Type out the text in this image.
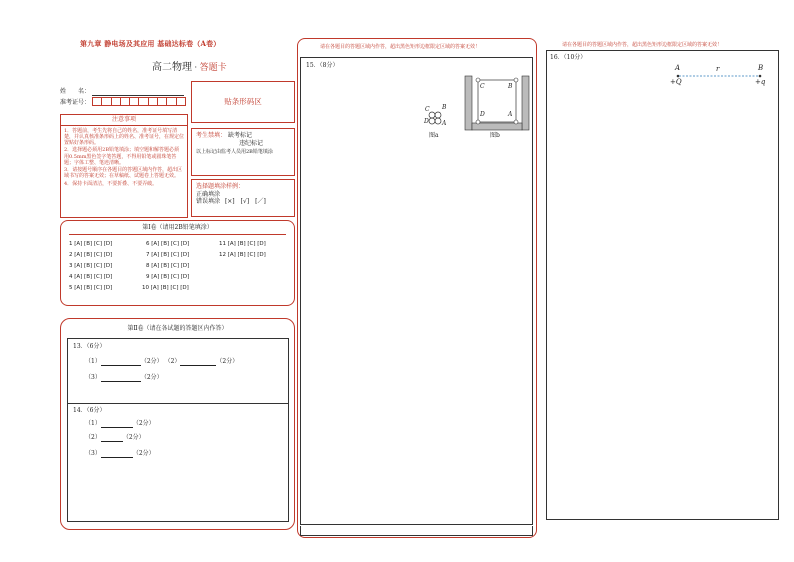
第九章 静电场及其应用 基础达标卷（A卷）
高二物理 · 答题卡
姓　　名：
准考证号：	贴条形码区
注意事项
1．答题前，考生先将自己的姓名，准考证号填写清楚，并认真核准条形码上的姓名、准考证号，在规定位置贴好条形码。
2．选择题必须用2B铅笔填涂；填空题和解答题必须用0.5mm黑色签字笔答题，不得用铅笔或圆珠笔答题；字体工整、笔迹清晰。
3．请按题号顺序在各题目的答题区域内作答，超出区域书写的答案无效；在草稿纸、试题卷上答题无效。
4．保持卡面清洁，不要折叠、不要弄破。
考生禁填： 缺考标记
违纪标记
以上标记由监考人员用2B铅笔填涂
选择题填涂样例：
正确填涂
错误填涂 [×]　[√]　[／]
第Ⅰ卷（请用2B铅笔填涂）
1 [A] [B] [C] [D]
2 [A] [B] [C] [D]
3 [A] [B] [C] [D]
4 [A] [B] [C] [D]
5 [A] [B] [C] [D]
6 [A] [B] [C] [D]
7 [A] [B] [C] [D]
8 [A] [B] [C] [D]
9 [A] [B] [C] [D]
10 [A] [B] [C] [D]
11 [A] [B] [C] [D]
12 [A] [B] [C] [D]
第Ⅱ卷（请在各试题的答题区内作答）
13．（6分）
（1）	（2分） （2）	（2分）
（3）	（2分）
14．（6分）
（1）	（2分）
（2）	（2分）
（3）	（2分）
请在各题目的答题区域内作答，超出黑色矩形边框限定区域的答案无效！
15．（8分）
C B
D A
图a
C	B
D	A
图b
请在各题目的答题区域内作答，超出黑色矩形边框限定区域的答案无效！
16．（10分）
A	B
r
+Q	+q
